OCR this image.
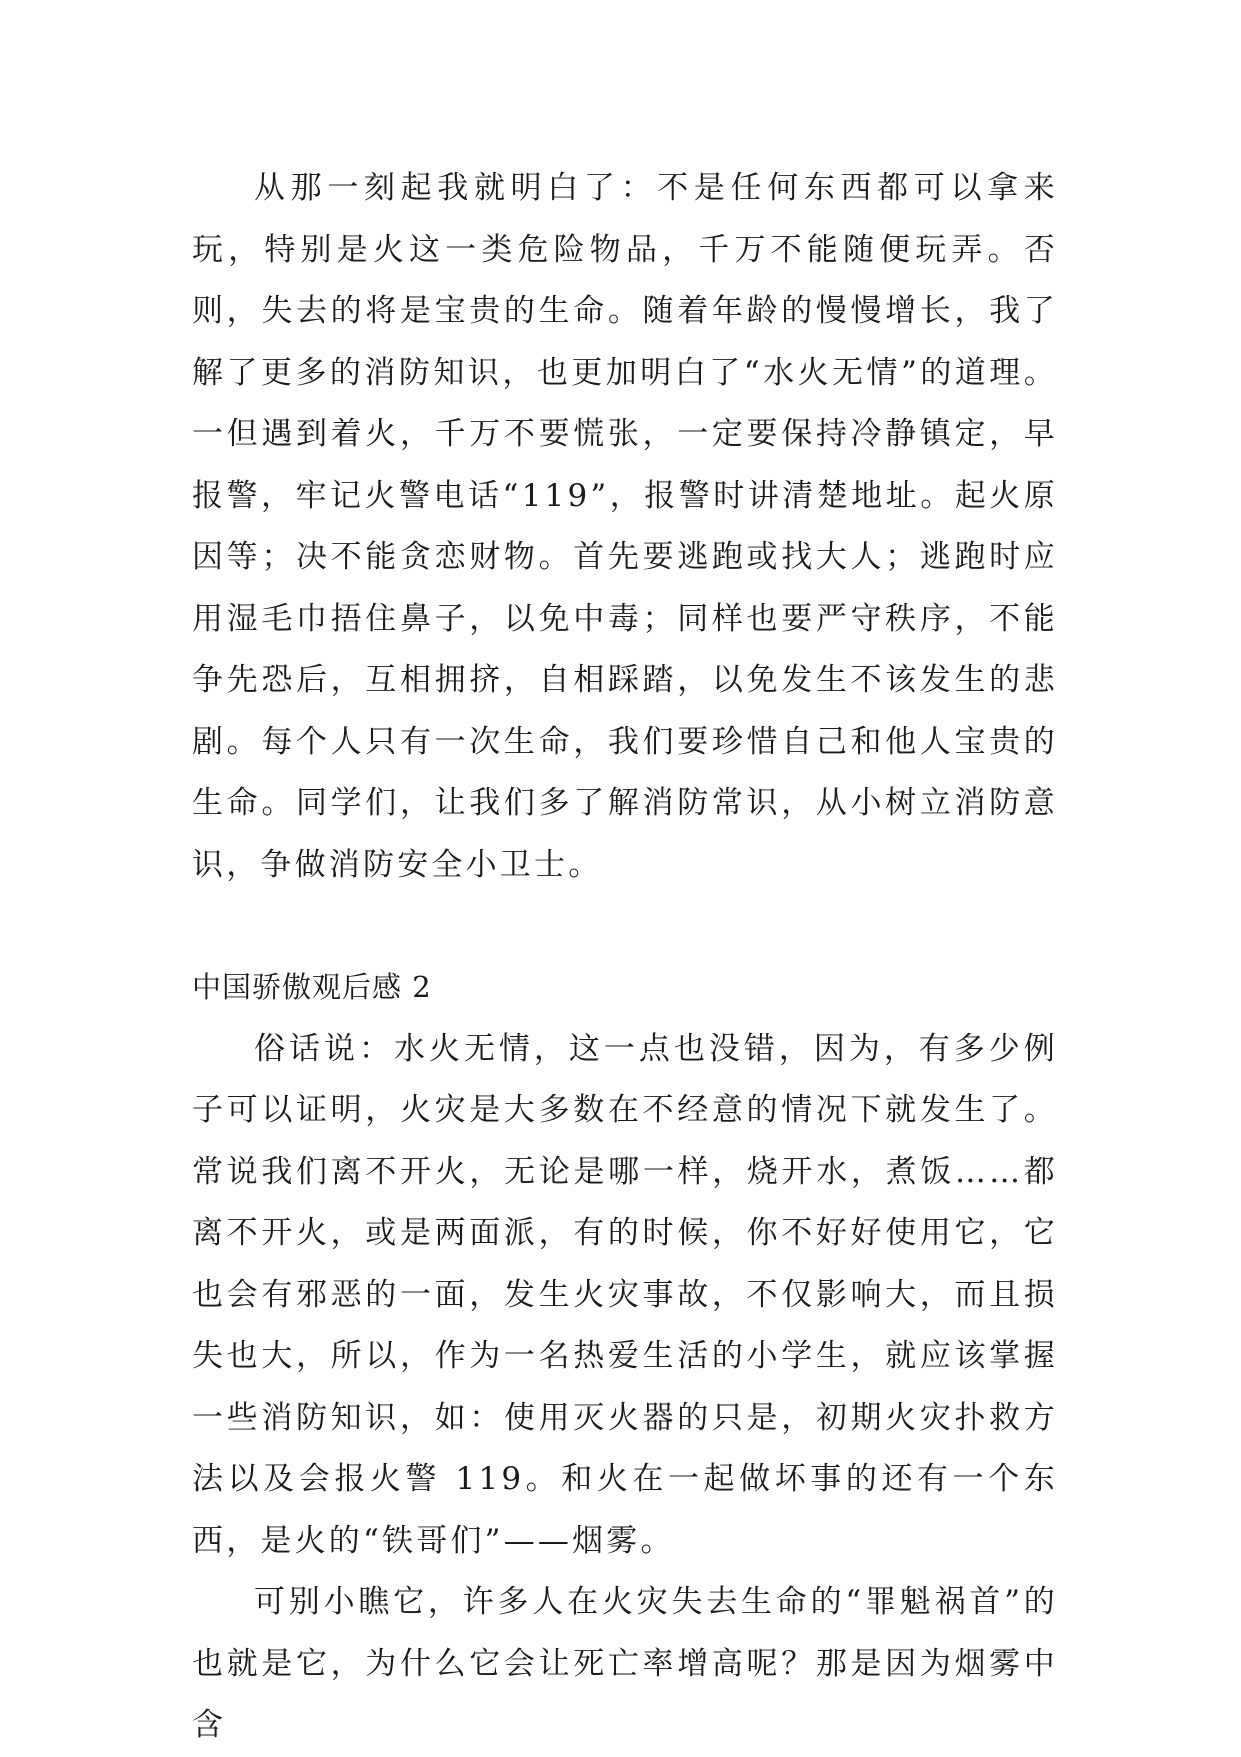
从那一刻起我就明白了：不是任何东西都可以拿来玩，特别是火这一类危险物品，千万不能随便玩弄。否则，失去的将是宝贵的生命。随着年龄的慢慢增长，我了解了更多的消防知识，也更加明白了“水火无情”的道理。一但遇到着火，千万不要慌张，一定要保持冷静镇定，早报警，牢记火警电话“119”，报警时讲清楚地址。起火原因等；决不能贪恋财物。首先要逃跑或找大人；逃跑时应用湿毛巾捂住鼻子，以免中毒；同样也要严守秩序，不能争先恐后，互相拥挤，自相踩踏，以免发生不该发生的悲剧。每个人只有一次生命，我们要珍惜自己和他人宝贵的生命。同学们，让我们多了解消防常识，从小树立消防意识，争做消防安全小卫士。

中国骄傲观后感 2

俗话说：水火无情，这一点也没错，因为，有多少例子可以证明，火灾是大多数在不经意的情况下就发生了。常说我们离不开火，无论是哪一样，烧开水，煮饭……都离不开火，或是两面派，有的时候，你不好好使用它，它也会有邪恶的一面，发生火灾事故，不仅影响大，而且损失也大，所以，作为一名热爱生活的小学生，就应该掌握一些消防知识，如：使用灭火器的只是，初期火灾扑救方法以及会报火警 119。和火在一起做坏事的还有一个东西，是火的“铁哥们”——烟雾。

可别小瞧它，许多人在火灾失去生命的“罪魁祸首”的也就是它，为什么它会让死亡率增高呢？那是因为烟雾中含
